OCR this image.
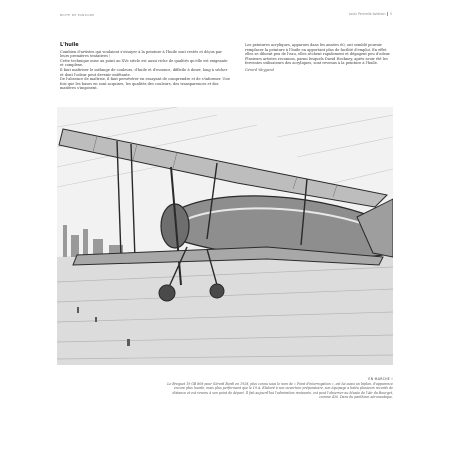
BOITE DE PANDORE	Louis Perinelle Aviation 5
L'huile

Combien d'artistes qui voulaient s'essayer à la peinture à l'huile sont restés et déçus par leurs premières tentatives !

Cette technique mise au point au XVe siècle est aussi riche de qualités qu'elle est exigeante et complexe.

Il faut maîtriser le mélange de couleurs, d'huile et d'essence, difficile à doser, long à sécher et dont l'odeur peut devenir entêtante.

De l'absence de maîtrise, il faut persévérer en essayant de comprendre et de s'informer. Une fois que les bases en sont acquises, les qualités des couleurs, des transparences et des matières s'imposent.

Les peintures acryliques, apparues dans les années 60, ont semblé pouvoir remplacer la peinture à l'huile en apportant plus de facilité d'emploi. En effet elles se diluent peu de l'eau, elles sèchent rapidement et dégagent peu d'odeur.

Plusieurs artistes reconnus, parmi lesquels David Hockney, après avoir été les ferventes utilisateurs des acryliques, sont revenus à la peinture à l'huile.

Gérard Weygand
EN MARCHE !
Le Breguet 19 GR 808 pour Gérard Bordi en 1928, plus connu sous le nom de « Point d'interrogation », est lui aussi un biplan, d'apparence encore plus lourde, mais plus performant que le 19 A. Elaboré à son ouverture préparatoire, son équipage a battu plusieurs records de distance et est revenu à son point de départ. Il fait aujourd'hui l'admiration restaurée, est peut l'observer au Musée de l'Air du Bourget, comme 430. Dans du panthéon aéronautique.
